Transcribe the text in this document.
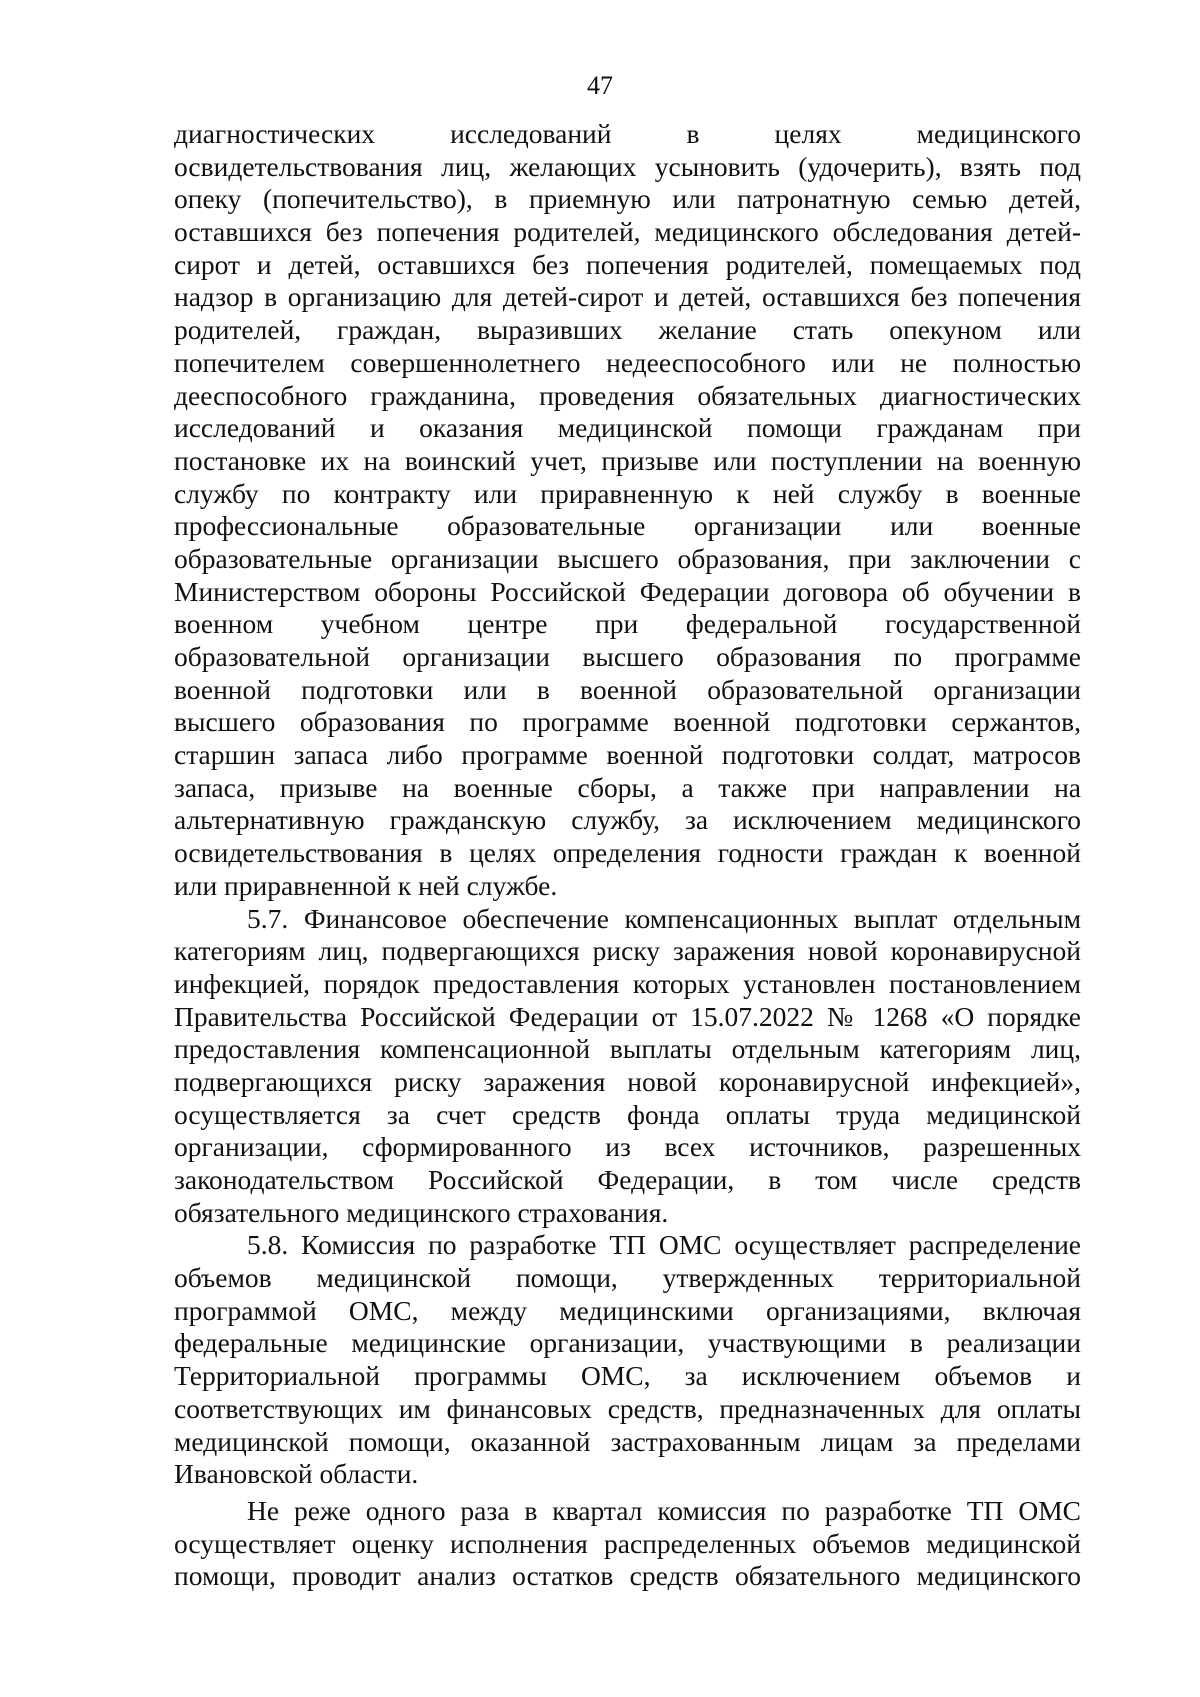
47
диагностических исследований в целях медицинского
освидетельствования лиц, желающих усыновить (удочерить), взять под
опеку (попечительство), в приемную или патронатную семью детей,
оставшихся без попечения родителей, медицинского обследования детей-
сирот и детей, оставшихся без попечения родителей, помещаемых под
надзор в организацию для детей-сирот и детей, оставшихся без попечения
родителей, граждан, выразивших желание стать опекуном или
попечителем совершеннолетнего недееспособного или не полностью
дееспособного гражданина, проведения обязательных диагностических
исследований и оказания медицинской помощи гражданам при
постановке их на воинский учет, призыве или поступлении на военную
службу по контракту или приравненную к ней службу в военные
профессиональные образовательные организации или военные
образовательные организации высшего образования, при заключении с
Министерством обороны Российской Федерации договора об обучении в
военном учебном центре при федеральной государственной
образовательной организации высшего образования по программе
военной подготовки или в военной образовательной организации
высшего образования по программе военной подготовки сержантов,
старшин запаса либо программе военной подготовки солдат, матросов
запаса, призыве на военные сборы, а также при направлении на
альтернативную гражданскую службу, за исключением медицинского
освидетельствования в целях определения годности граждан к военной
или приравненной к ней службе.
5.7. Финансовое обеспечение компенсационных выплат отдельным
категориям лиц, подвергающихся риску заражения новой коронавирусной
инфекцией, порядок предоставления которых установлен постановлением
Правительства Российской Федерации от 15.07.2022 № 1268 «О порядке
предоставления компенсационной выплаты отдельным категориям лиц,
подвергающихся риску заражения новой коронавирусной инфекцией»,
осуществляется за счет средств фонда оплаты труда медицинской
организации, сформированного из всех источников, разрешенных
законодательством Российской Федерации, в том числе средств
обязательного медицинского страхования.
5.8. Комиссия по разработке ТП ОМС осуществляет распределение
объемов медицинской помощи, утвержденных территориальной
программой ОМС, между медицинскими организациями, включая
федеральные медицинские организации, участвующими в реализации
Территориальной программы ОМС, за исключением объемов и
соответствующих им финансовых средств, предназначенных для оплаты
медицинской помощи, оказанной застрахованным лицам за пределами
Ивановской области.
Не реже одного раза в квартал комиссия по разработке ТП ОМС
осуществляет оценку исполнения распределенных объемов медицинской
помощи, проводит анализ остатков средств обязательного медицинского
